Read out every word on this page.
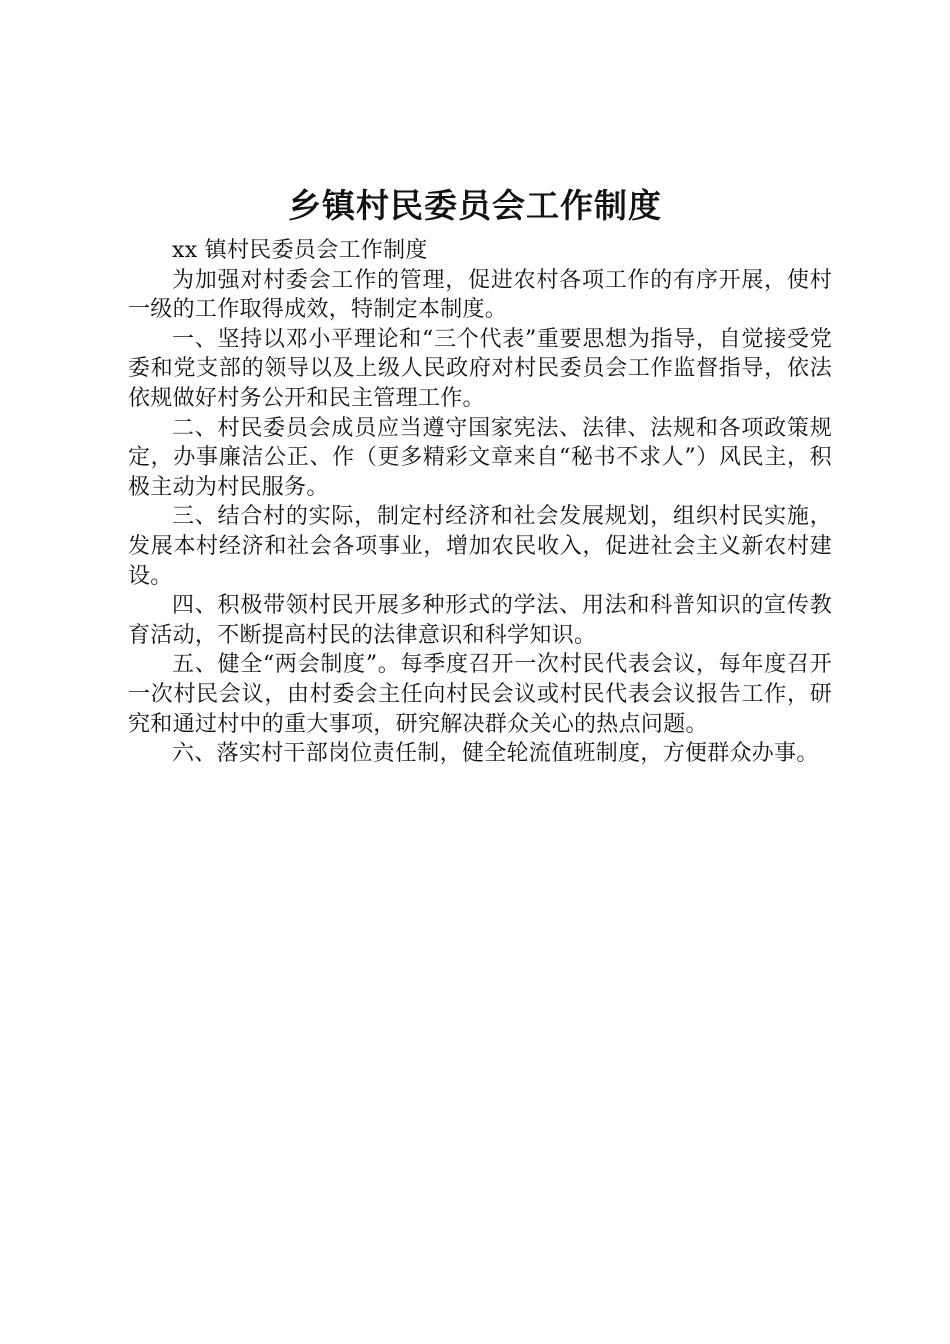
乡镇村民委员会工作制度

xx 镇村民委员会工作制度

为加强对村委会工作的管理，促进农村各项工作的有序开展，使村一级的工作取得成效，特制定本制度。

一、坚持以邓小平理论和“三个代表”重要思想为指导，自觉接受党委和党支部的领导以及上级人民政府对村民委员会工作监督指导，依法依规做好村务公开和民主管理工作。

二、村民委员会成员应当遵守国家宪法、法律、法规和各项政策规定，办事廉洁公正、作（更多精彩文章来自“秘书不求人”）风民主，积极主动为村民服务。

三、结合村的实际，制定村经济和社会发展规划，组织村民实施，发展本村经济和社会各项事业，增加农民收入，促进社会主义新农村建设。

四、积极带领村民开展多种形式的学法、用法和科普知识的宣传教育活动，不断提高村民的法律意识和科学知识。

五、健全“两会制度”。每季度召开一次村民代表会议，每年度召开一次村民会议，由村委会主任向村民会议或村民代表会议报告工作，研究和通过村中的重大事项，研究解决群众关心的热点问题。

六、落实村干部岗位责任制，健全轮流值班制度，方便群众办事。
